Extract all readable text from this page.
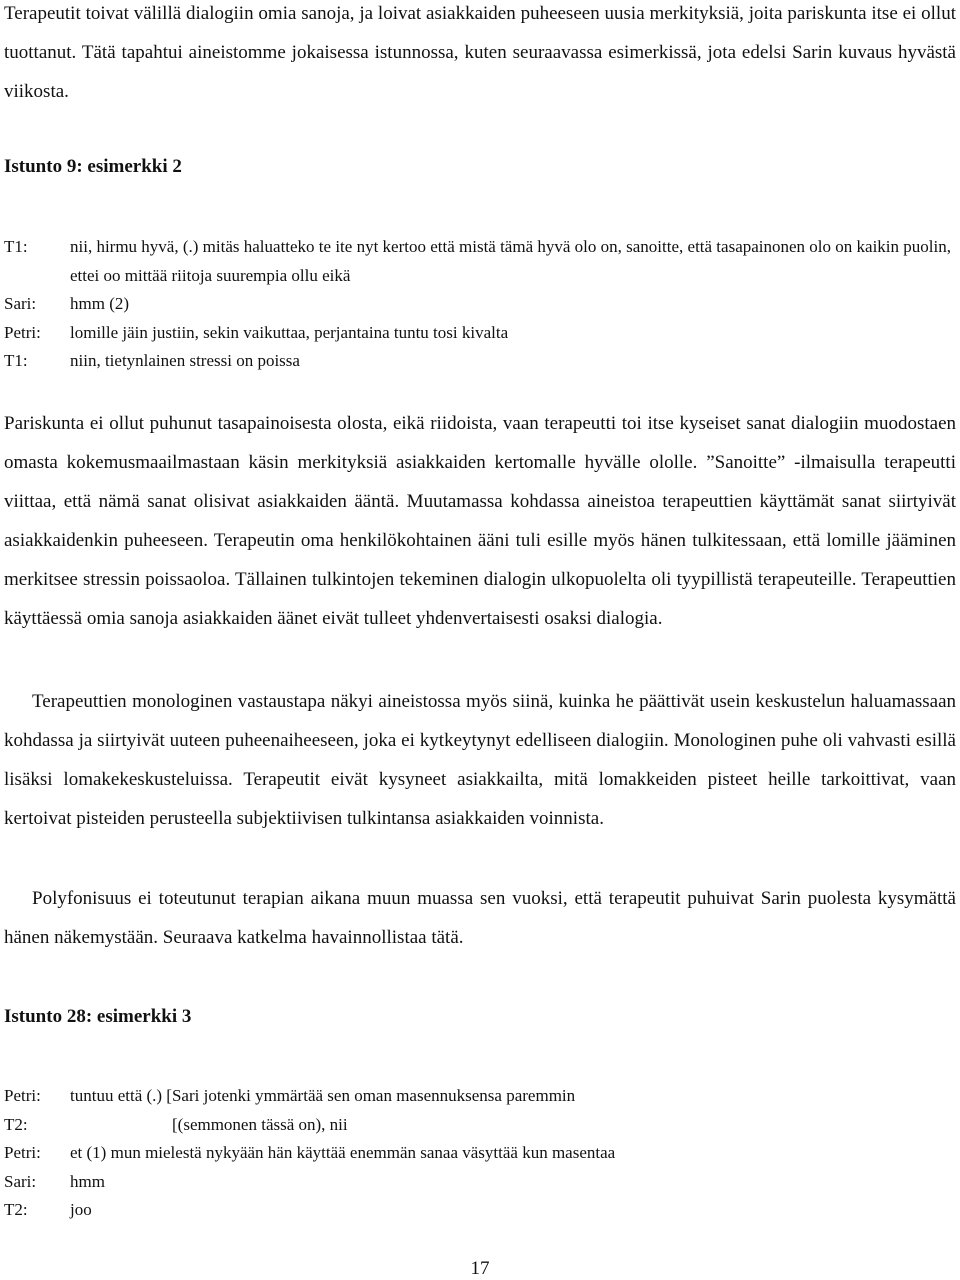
Terapeutit toivat välillä dialogiin omia sanoja, ja loivat asiakkaiden puheeseen uusia merkityksiä, joita pariskunta itse ei ollut tuottanut. Tätä tapahtui aineistomme jokaisessa istunnossa, kuten seuraavassa esimerkissä, jota edelsi Sarin kuvaus hyvästä viikosta.

Istunto 9: esimerkki 2

T1:	nii, hirmu hyvä, (.) mitäs haluatteko te ite nyt kertoo että mistä tämä hyvä olo on, sanoitte, että tasapainonen olo on kaikin puolin, ettei oo mittää riitoja suurempia ollu eikä
Sari:	hmm (2)
Petri:	lomille jäin justiin, sekin vaikuttaa, perjantaina tuntu tosi kivalta
T1:	niin, tietynlainen stressi on poissa

Pariskunta ei ollut puhunut tasapainoisesta olosta, eikä riidoista, vaan terapeutti toi itse kyseiset sanat dialogiin muodostaen omasta kokemusmaailmastaan käsin merkityksiä asiakkaiden kertomalle hyvälle ololle. ”Sanoitte” -ilmaisulla terapeutti viittaa, että nämä sanat olisivat asiakkaiden ääntä. Muutamassa kohdassa aineistoa terapeuttien käyttämät sanat siirtyivät asiakkaidenkin puheeseen. Terapeutin oma henkilökohtainen ääni tuli esille myös hänen tulkitessaan, että lomille jääminen merkitsee stressin poissaoloa. Tällainen tulkintojen tekeminen dialogin ulkopuolelta oli tyypillistä terapeuteille. Terapeuttien käyttäessä omia sanoja asiakkaiden äänet eivät tulleet yhdenvertaisesti osaksi dialogia.

Terapeuttien monologinen vastaustapa näkyi aineistossa myös siinä, kuinka he päättivät usein keskustelun haluamassaan kohdassa ja siirtyivät uuteen puheenaiheeseen, joka ei kytkeytynyt edelliseen dialogiin. Monologinen puhe oli vahvasti esillä lisäksi lomakekeskusteluissa. Terapeutit eivät kysyneet asiakkailta, mitä lomakkeiden pisteet heille tarkoittivat, vaan kertoivat pisteiden perusteella subjektiivisen tulkintansa asiakkaiden voinnista.

Polyfonisuus ei toteutunut terapian aikana muun muassa sen vuoksi, että terapeutit puhuivat Sarin puolesta kysymättä hänen näkemystään. Seuraava katkelma havainnollistaa tätä.

Istunto 28: esimerkki 3

Petri:	tuntuu että (.) [Sari jotenki ymmärtää sen oman masennuksensa paremmin
T2:	[(semmonen tässä on), nii
Petri:	et (1) mun mielestä nykyään hän käyttää enemmän sanaa väsyttää kun masentaa
Sari:	hmm
T2:	joo
17
